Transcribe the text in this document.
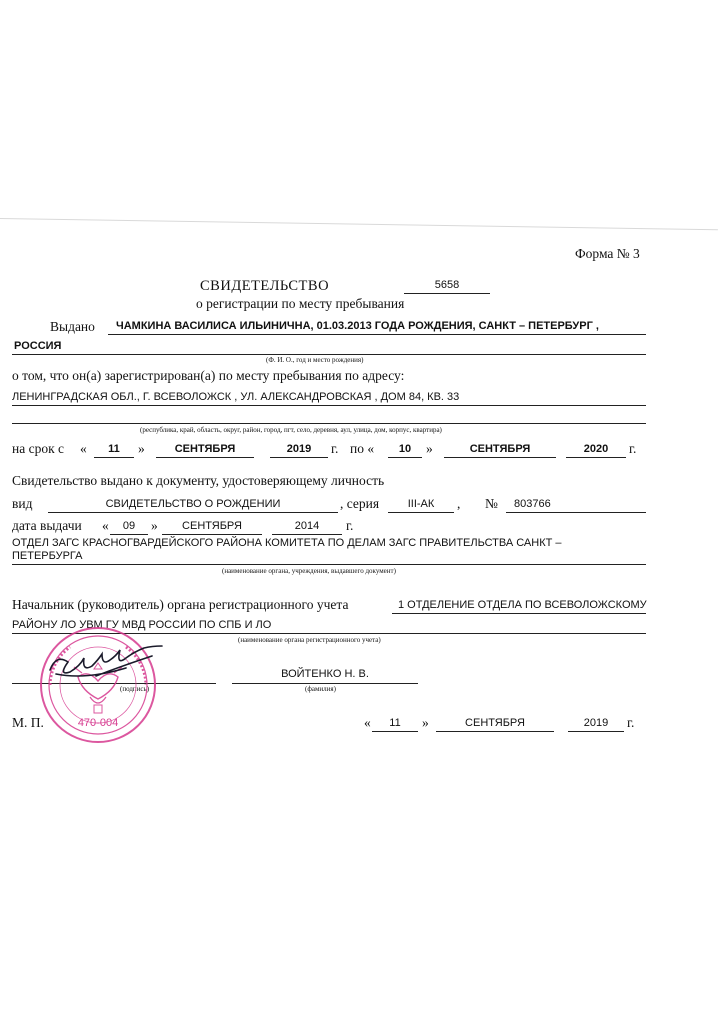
Форма № 3
СВИДЕТЕЛЬСТВО	5658
о регистрации по месту пребывания
Выдано ЧАМКИНА ВАСИЛИСА ИЛЬИНИЧНА, 01.03.2013 ГОДА РОЖДЕНИЯ, САНКТ – ПЕТЕРБУРГ ,
РОССИЯ
(Ф. И. О., год и место рождения)
о том, что он(а) зарегистрирован(а) по месту пребывания по адресу:
ЛЕНИНГРАДСКАЯ ОБЛ., Г. ВСЕВОЛОЖСК , УЛ. АЛЕКСАНДРОВСКАЯ , ДОМ 84, КВ. 33
(республика, край, область, округ, район, город, пгт, село, деревня, аул, улица, дом, корпус, квартира)
на срок с «	11	»	СЕНТЯБРЯ	2019	г. по «	10	»	СЕНТЯБРЯ	2020	г.
Свидетельство выдано к документу, удостоверяющему личность
вид	СВИДЕТЕЛЬСТВО О РОЖДЕНИИ	, серия	III-АК	, № 803766
дата выдачи «	09	»	СЕНТЯБРЯ	2014	г.
ОТДЕЛ ЗАГС КРАСНОГВАРДЕЙСКОГО РАЙОНА КОМИТЕТА ПО ДЕЛАМ ЗАГС ПРАВИТЕЛЬСТВА САНКТ –
ПЕТЕРБУРГА
(наименование органа, учреждения, выдавшего документ)
Начальник (руководитель) органа регистрационного учета	1 ОТДЕЛЕНИЕ ОТДЕЛА ПО ВСЕВОЛОЖСКОМУ
РАЙОНУ ЛО УВМ ГУ МВД РОССИИ ПО СПБ И ЛО
(наименование органа регистрационного учета)
(подпись)
ВОЙТЕНКО Н. В.
(фамилия)
М. П.	«	11	»	СЕНТЯБРЯ	2019	г.
470-004
